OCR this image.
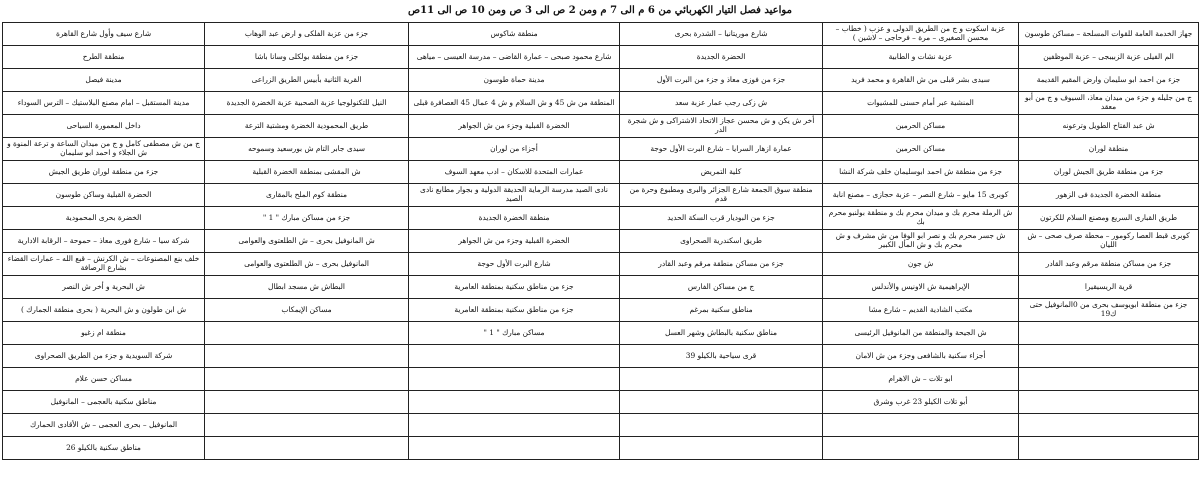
مواعيد فصل التيار الكهربائي من 6 م الى 7 م ومن 2 ص الى 3 ص ومن 10 ص الى 11ص
جهاز الخدمة العامة للقوات المسلحة – مساكن طوسون	عزبة اسكوت و ج من الطريق الدولى و عزب ( خطاب – محسن الصغيرى – مرة – فرحاجى – لاشين )	شارع موريتانيا – الشدرة بحرى	منطقة شاكوس	جزء من عزبة الفلكى و ارض عبد الوهاب	شارع سيف وأول شارع القاهرة
الم الفيلى عزبة الزبيبجى – عزبة الموظفين	عزبة نشات و الطابية	الحضرة الجديدة	شارع محمود صبحى – عمارة القاضى – مدرسة العيسى – مياهى	جزء من منطقة بولكلى وسانا باشا	منطقة الطرح
جزء من احمد ابو سليمان وارض المقيم القديمة	سيدى بشر قبلى من ش القاهرة و محمد فريد	جزء من فوزى معاذ و جزء من البرت الأول	مدينة حماة طوسون	القرية الثانية بأبيس الطريق الزراعى	مدينة فيصل
ج من جليله و جزء من ميدان معاذ، السيوف و ج من أبو معقد	المنشية عبر أمام حسنى للمشيوات	ش زكى رجب عمار عزبة سعد	المنطقة من ش 45 و ش السلام و ش 4 عمال 45 العصافرة قبلى	النيل للتكنولوجيا عزبة الصحبية عزبة الخضرة الجديدة	مدينة المستقبل – امام مصنع البلاستيك – الترس السوداء
ش عبد الفتاح الطويل وترعونه	مساكن الحرمين	أخر ش يكن و ش محسن عجاز الاتحاد الاشتراكى و ش شجرة الدر	الخضرة القبلية وجزء من ش الجواهر	طريق المحمودية الخضرة ومشتية الترعة	داخل المعمورة السياحى
منطقة لوران	مساكن الحرمين	عمارة ازهار السرايا – شارع البرت الأول حوجة	أجزاء من لوران	سيدى جابر التام ش بورسعيد وسموحه	ج من ش مصطفى كامل و ج من ميدان الساعة و ترعة المنوة و ش الجلاء و احمد ابو سليمان
جزء من منطقة طريق الجيش لوران	جزء من منطقة ش احمد ابوسليمان خلف شركة النشا	كلية التمريض	عمارات المتحدة للاسكان – ادب معهد السوف	ش المقشى بمنطقة الخضرة القبلية	جزء من منطقة لوران طريق الجيش
منطقة الخضرة الجديدة فى الزهور	كوبرى 15 مايو – شارع النصر – عزبة حجازى – مصنع انابة	منطقة سوق الجمعة شارع الجزائر والبرى ومطبوع وحرة من قدم	نادى الصيد مدرسة الرماية الحديقة الدولية و بجوار مطابع نادى الصيد	منطقة كوم الملح بالمقارى	الحضرة القبلية وساكن طوسون
طريق القبارى السريع ومصنع السلام للكرتون	ش الرملة محرم بك و ميدان محرم بك و منطقة بولنبو محرم بك	جزء من البوديار قرب السكة الحديد	منطقة الخضرة الجديدة	جزء من مساكن مبارك " 1 "	الخضرة بحرى المحمودية
كوبرى قبط العصا ركومور – محطة صرف صحى – ش الليان	ش جسر محرم بك و نصر ابو الوفا من ش مشرف و ش محرم بك و ش المأل الكبير	طريق اسكندرية الصحراوى	الخضرة القبلية وجزء من ش الجواهر	ش المانوفيل بحرى – ش الطلعتوى والعوامى	شركة سيا – شارع فورى معاذ – حموحة – الرقابة الادارية
جزء من مساكن منطقة مرقم وعبد القادر	ش جون	جزء من مساكن منطقة مرقم وعبد القادر	شارع البرت الأول حوجة	المانوفيل بحرى – ش الطلعتوى والعوامى	خلف بنع المصنوعات – ش الكرنش – قبع الله – عمارات القضاء بشارع الرصافة
قرية الريسيقيرا	الإبراهيمية ش الاونيس والأندلس	ج من مساكن الفارس	جزء من مناطق سكنية بمنطقة العامرية	البطاش ش مسجد ابطال	ش البحرية و أخر ش النصر
جزء من منطقة ابويوسف بحرى من 0المانوفيل حتى ك19	مكتب الشادية القديم – شارع مشا	مناطق سكنية بمرغم	جزء من مناطق سكنية بمنطقة العامرية	مساكن الإيمكاب	ش ابن طولون و ش البحرية ( بحرى منطقة الجمارك )
	ش الجيحة والمنطقة من المانوفيل الرئيسى	مناطق سكنية بالبطاش وشهر العسل	مساكن مبارك " 1 "		منطقة ام زغيو
	أجزاء سكنية بالشافعى وجزء من ش الامان	قرى سياحية بالكيلو 39			شركة السويدية و جزء من الطريق الصحراوى
	ابو تلات – ش الاهرام				مساكن حسن علام
	أبو تلات الكيلو 23 غرب وشرق				مناطق سكنية بالعجمى – المانوفيل
					المانوفيل – بحرى العجمى – ش الأقادى الحمارك
					مناطق سكنية بالكيلو 26
